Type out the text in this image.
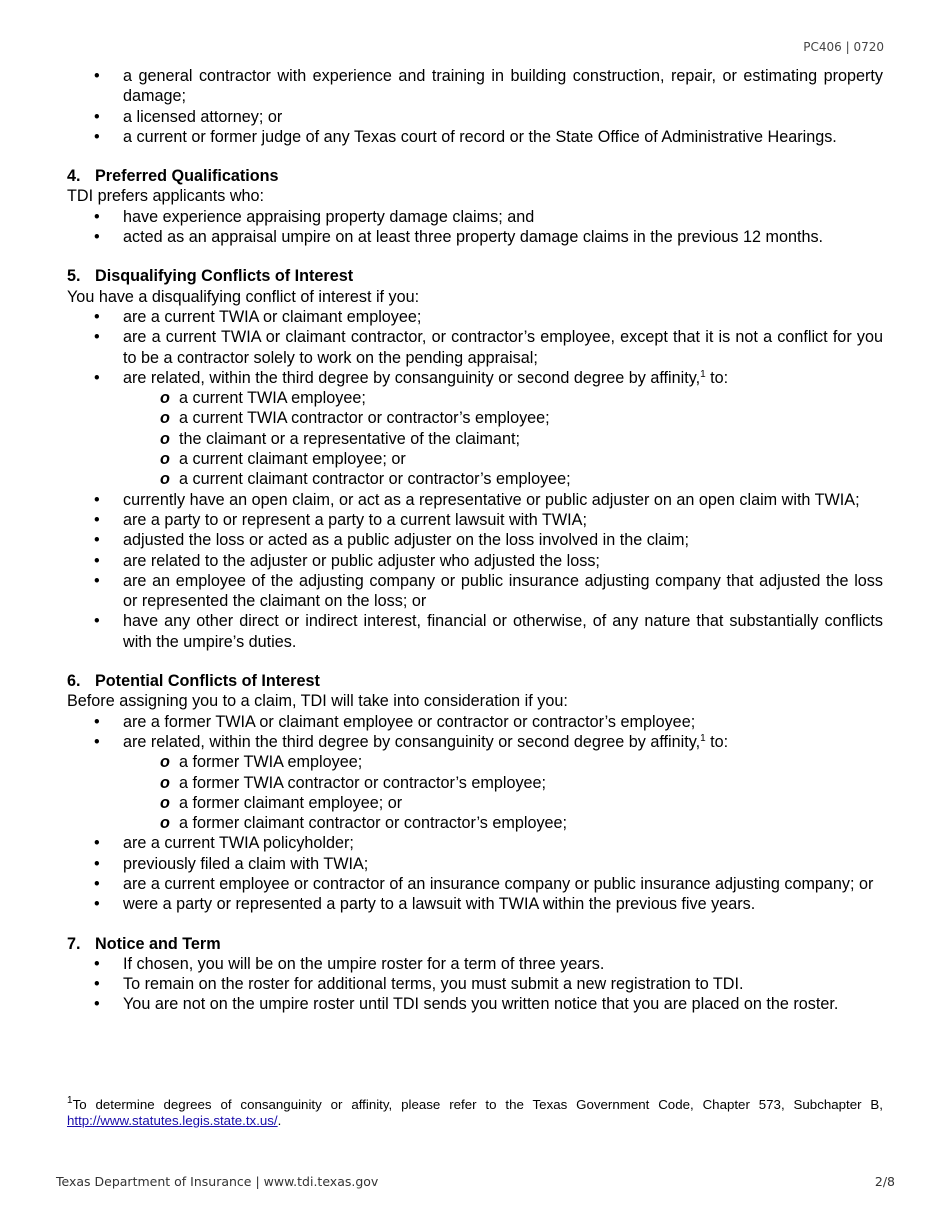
PC406 | 0720
• a general contractor with experience and training in building construction, repair, or estimating property damage;
• a licensed attorney; or
• a current or former judge of any Texas court of record or the State Office of Administrative Hearings.

4. Preferred Qualifications

TDI prefers applicants who:

• have experience appraising property damage claims; and
• acted as an appraisal umpire on at least three property damage claims in the previous 12 months.

5. Disqualifying Conflicts of Interest

You have a disqualifying conflict of interest if you:

• are a current TWIA or claimant employee;
• are a current TWIA or claimant contractor, or contractor’s employee, except that it is not a conflict for you to be a contractor solely to work on the pending appraisal;
• are related, within the third degree by consanguinity or second degree by affinity,$^1$ to:
o a current TWIA employee;
o a current TWIA contractor or contractor’s employee;
o the claimant or a representative of the claimant;
o a current claimant employee; or
o a current claimant contractor or contractor’s employee;
• currently have an open claim, or act as a representative or public adjuster on an open claim with TWIA;
• are a party to or represent a party to a current lawsuit with TWIA;
• adjusted the loss or acted as a public adjuster on the loss involved in the claim;
• are related to the adjuster or public adjuster who adjusted the loss;
• are an employee of the adjusting company or public insurance adjusting company that adjusted the loss or represented the claimant on the loss; or
• have any other direct or indirect interest, financial or otherwise, of any nature that substantially conflicts with the umpire’s duties.

6. Potential Conflicts of Interest

Before assigning you to a claim, TDI will take into consideration if you:

• are a former TWIA or claimant employee or contractor or contractor’s employee;
• are related, within the third degree by consanguinity or second degree by affinity,$^1$ to:
o a former TWIA employee;
o a former TWIA contractor or contractor’s employee;
o a former claimant employee; or
o a former claimant contractor or contractor’s employee;
• are a current TWIA policyholder;
• previously filed a claim with TWIA;
• are a current employee or contractor of an insurance company or public insurance adjusting company; or
• were a party or represented a party to a lawsuit with TWIA within the previous five years.

7. Notice and Term

• If chosen, you will be on the umpire roster for a term of three years.
• To remain on the roster for additional terms, you must submit a new registration to TDI.
• You are not on the umpire roster until TDI sends you written notice that you are placed on the roster.
$^1$To determine degrees of consanguinity or affinity, please refer to the Texas Government Code, Chapter 573, Subchapter B, http://www.statutes.legis.state.tx.us/.
Texas Department of Insurance | www.tdi.texas.gov	2/8
